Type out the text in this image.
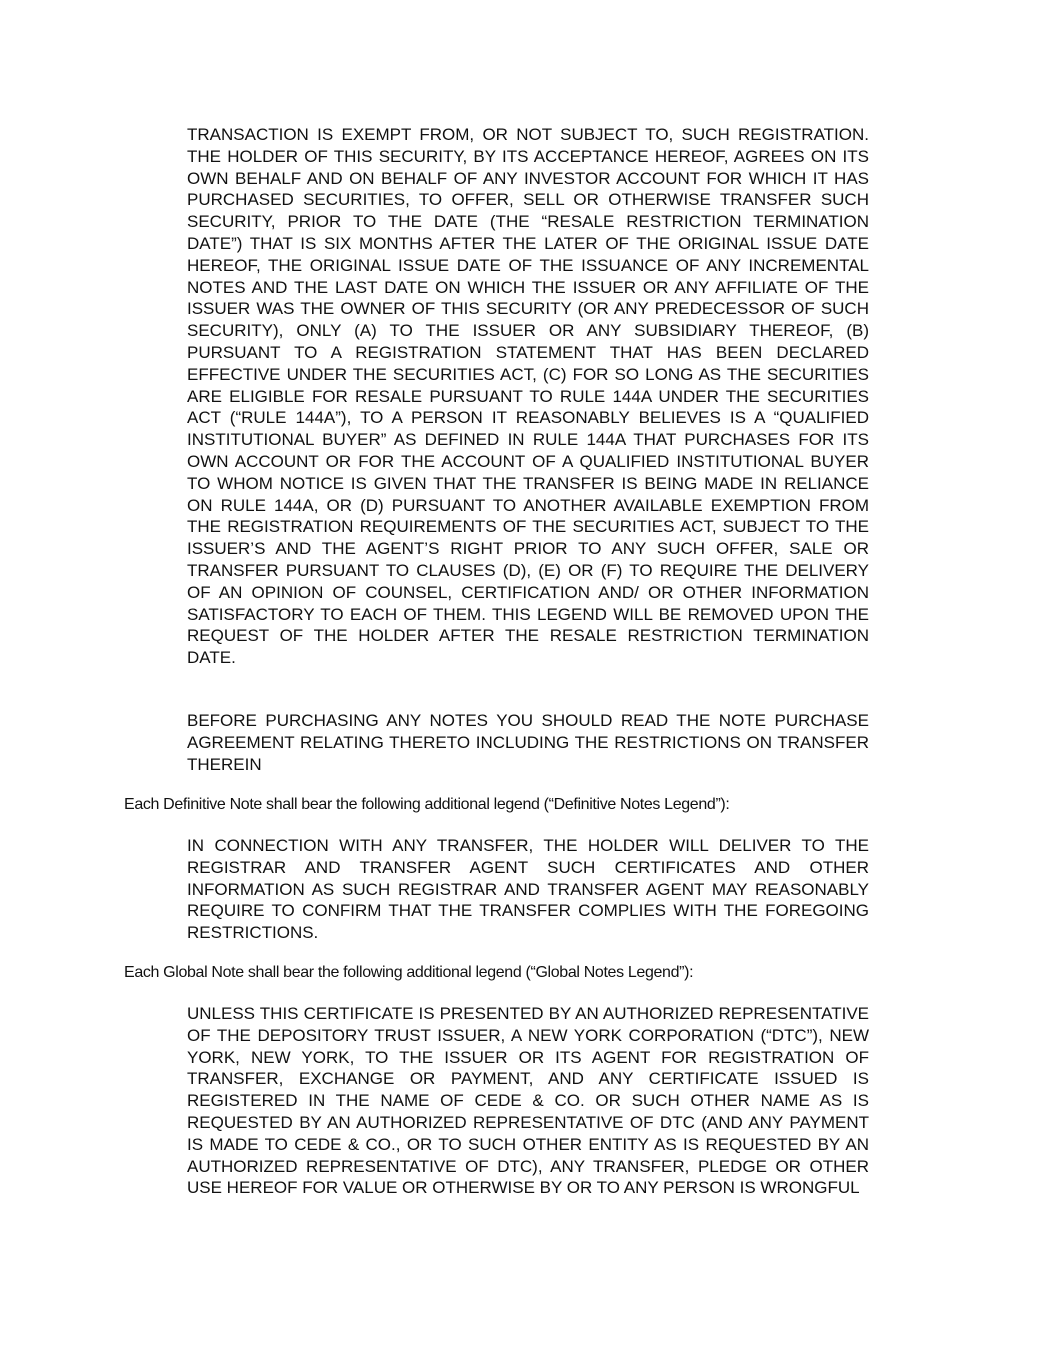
TRANSACTION IS EXEMPT FROM, OR NOT SUBJECT TO, SUCH REGISTRATION. THE HOLDER OF THIS SECURITY, BY ITS ACCEPTANCE HEREOF, AGREES ON ITS OWN BEHALF AND ON BEHALF OF ANY INVESTOR ACCOUNT FOR WHICH IT HAS PURCHASED SECURITIES, TO OFFER, SELL OR OTHERWISE TRANSFER SUCH SECURITY, PRIOR TO THE DATE (THE “RESALE RESTRICTION TERMINATION DATE”) THAT IS SIX MONTHS AFTER THE LATER OF THE ORIGINAL ISSUE DATE HEREOF, THE ORIGINAL ISSUE DATE OF THE ISSUANCE OF ANY INCREMENTAL NOTES AND THE LAST DATE ON WHICH THE ISSUER OR ANY AFFILIATE OF THE ISSUER WAS THE OWNER OF THIS SECURITY (OR ANY PREDECESSOR OF SUCH SECURITY), ONLY (A) TO THE ISSUER OR ANY SUBSIDIARY THEREOF, (B) PURSUANT TO A REGISTRATION STATEMENT THAT HAS BEEN DECLARED EFFECTIVE UNDER THE SECURITIES ACT, (C) FOR SO LONG AS THE SECURITIES ARE ELIGIBLE FOR RESALE PURSUANT TO RULE 144A UNDER THE SECURITIES ACT (“RULE 144A”), TO A PERSON IT REASONABLY BELIEVES IS A “QUALIFIED INSTITUTIONAL BUYER” AS DEFINED IN RULE 144A THAT PURCHASES FOR ITS OWN ACCOUNT OR FOR THE ACCOUNT OF A QUALIFIED INSTITUTIONAL BUYER TO WHOM NOTICE IS GIVEN THAT THE TRANSFER IS BEING MADE IN RELIANCE ON RULE 144A, OR (D) PURSUANT TO ANOTHER AVAILABLE EXEMPTION FROM THE REGISTRATION REQUIREMENTS OF THE SECURITIES ACT, SUBJECT TO THE ISSUER’S AND THE AGENT’S RIGHT PRIOR TO ANY SUCH OFFER, SALE OR TRANSFER PURSUANT TO CLAUSES (D), (E) OR (F) TO REQUIRE THE DELIVERY OF AN OPINION OF COUNSEL, CERTIFICATION AND/ OR OTHER INFORMATION SATISFACTORY TO EACH OF THEM. THIS LEGEND WILL BE REMOVED UPON THE REQUEST OF THE HOLDER AFTER THE RESALE RESTRICTION TERMINATION DATE.

BEFORE PURCHASING ANY NOTES YOU SHOULD READ THE NOTE PURCHASE AGREEMENT RELATING THERETO INCLUDING THE RESTRICTIONS ON TRANSFER THEREIN

Each Definitive Note shall bear the following additional legend (“Definitive Notes Legend”):

IN CONNECTION WITH ANY TRANSFER, THE HOLDER WILL DELIVER TO THE REGISTRAR AND TRANSFER AGENT SUCH CERTIFICATES AND OTHER INFORMATION AS SUCH REGISTRAR AND TRANSFER AGENT MAY REASONABLY REQUIRE TO CONFIRM THAT THE TRANSFER COMPLIES WITH THE FOREGOING RESTRICTIONS.

Each Global Note shall bear the following additional legend (“Global Notes Legend”):

UNLESS THIS CERTIFICATE IS PRESENTED BY AN AUTHORIZED REPRESENTATIVE OF THE DEPOSITORY TRUST ISSUER, A NEW YORK CORPORATION (“DTC”), NEW YORK, NEW YORK, TO THE ISSUER OR ITS AGENT FOR REGISTRATION OF TRANSFER, EXCHANGE OR PAYMENT, AND ANY CERTIFICATE ISSUED IS REGISTERED IN THE NAME OF CEDE & CO. OR SUCH OTHER NAME AS IS REQUESTED BY AN AUTHORIZED REPRESENTATIVE OF DTC (AND ANY PAYMENT IS MADE TO CEDE & CO., OR TO SUCH OTHER ENTITY AS IS REQUESTED BY AN AUTHORIZED REPRESENTATIVE OF DTC), ANY TRANSFER, PLEDGE OR OTHER USE HEREOF FOR VALUE OR OTHERWISE BY OR TO ANY PERSON IS WRONGFUL
